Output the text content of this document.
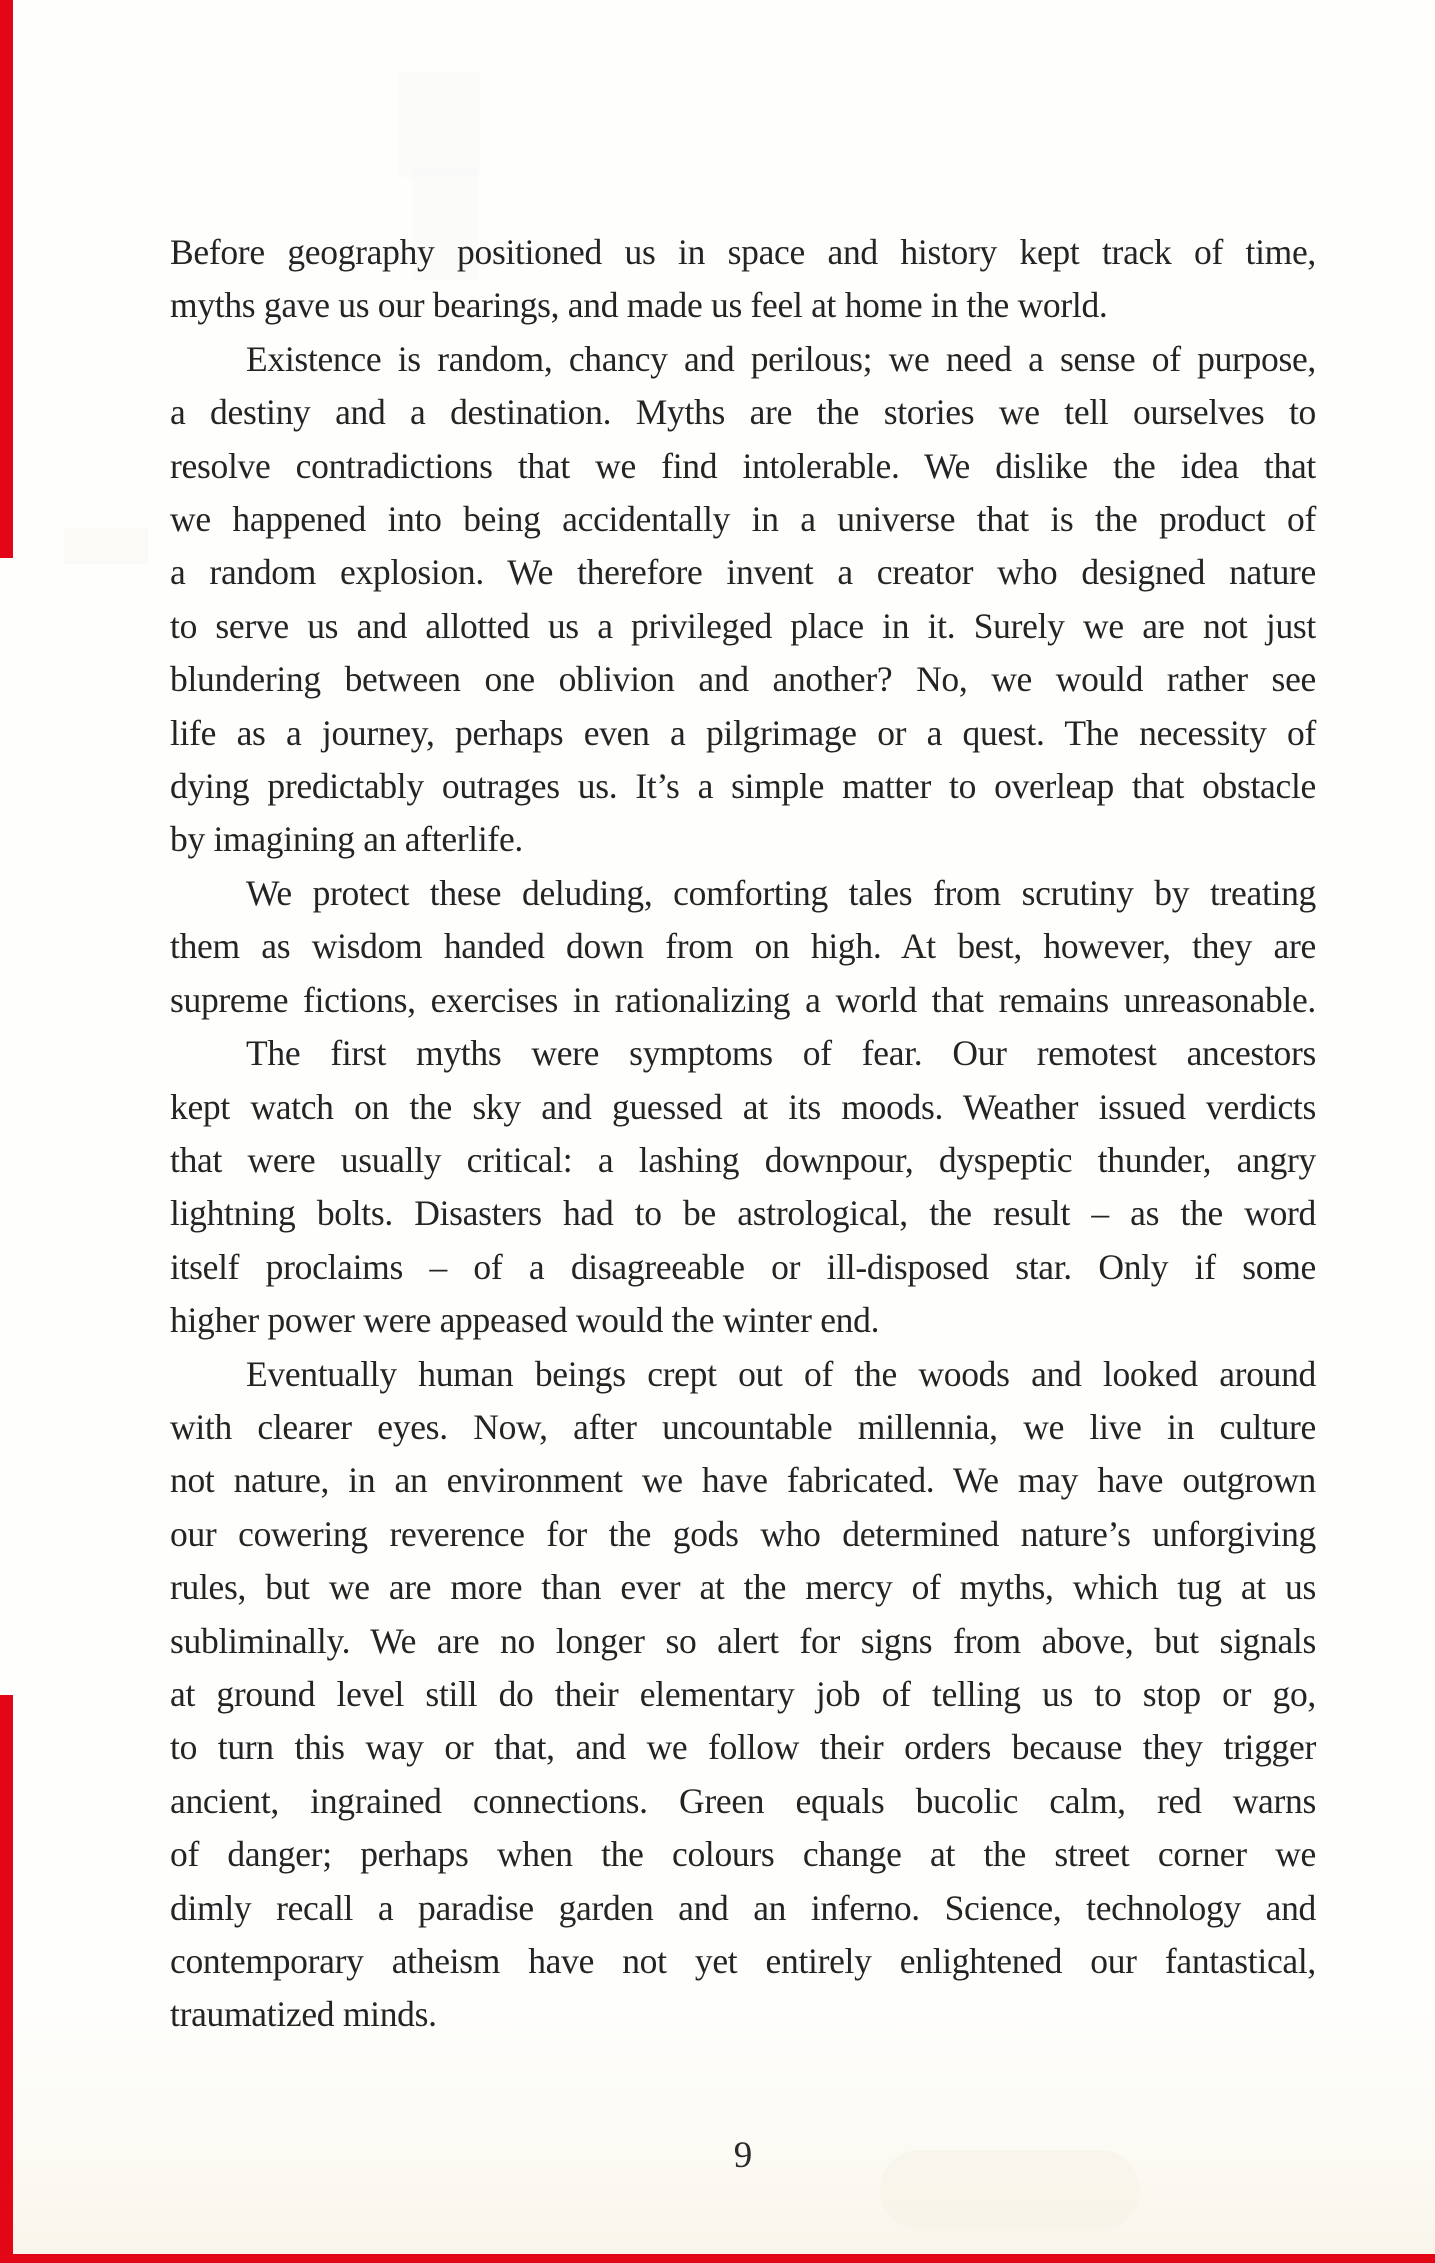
Before geography positioned us in space and history kept track of time,
myths gave us our bearings, and made us feel at home in the world.
Existence is random, chancy and perilous; we need a sense of purpose,
a destiny and a destination. Myths are the stories we tell ourselves to
resolve contradictions that we find intolerable. We dislike the idea that
we happened into being accidentally in a universe that is the product of
a random explosion. We therefore invent a creator who designed nature
to serve us and allotted us a privileged place in it. Surely we are not just
blundering between one oblivion and another? No, we would rather see
life as a journey, perhaps even a pilgrimage or a quest. The necessity of
dying predictably outrages us. It’s a simple matter to overleap that obstacle
by imagining an afterlife.
We protect these deluding, comforting tales from scrutiny by treating
them as wisdom handed down from on high. At best, however, they are
supreme fictions, exercises in rationalizing a world that remains unreasonable.
The first myths were symptoms of fear. Our remotest ancestors
kept watch on the sky and guessed at its moods. Weather issued verdicts
that were usually critical: a lashing downpour, dyspeptic thunder, angry
lightning bolts. Disasters had to be astrological, the result – as the word
itself proclaims – of a disagreeable or ill-disposed star. Only if some
higher power were appeased would the winter end.
Eventually human beings crept out of the woods and looked around
with clearer eyes. Now, after uncountable millennia, we live in culture
not nature, in an environment we have fabricated. We may have outgrown
our cowering reverence for the gods who determined nature’s unforgiving
rules, but we are more than ever at the mercy of myths, which tug at us
subliminally. We are no longer so alert for signs from above, but signals
at ground level still do their elementary job of telling us to stop or go,
to turn this way or that, and we follow their orders because they trigger
ancient, ingrained connections. Green equals bucolic calm, red warns
of danger; perhaps when the colours change at the street corner we
dimly recall a paradise garden and an inferno. Science, technology and
contemporary atheism have not yet entirely enlightened our fantastical,
traumatized minds.
9
